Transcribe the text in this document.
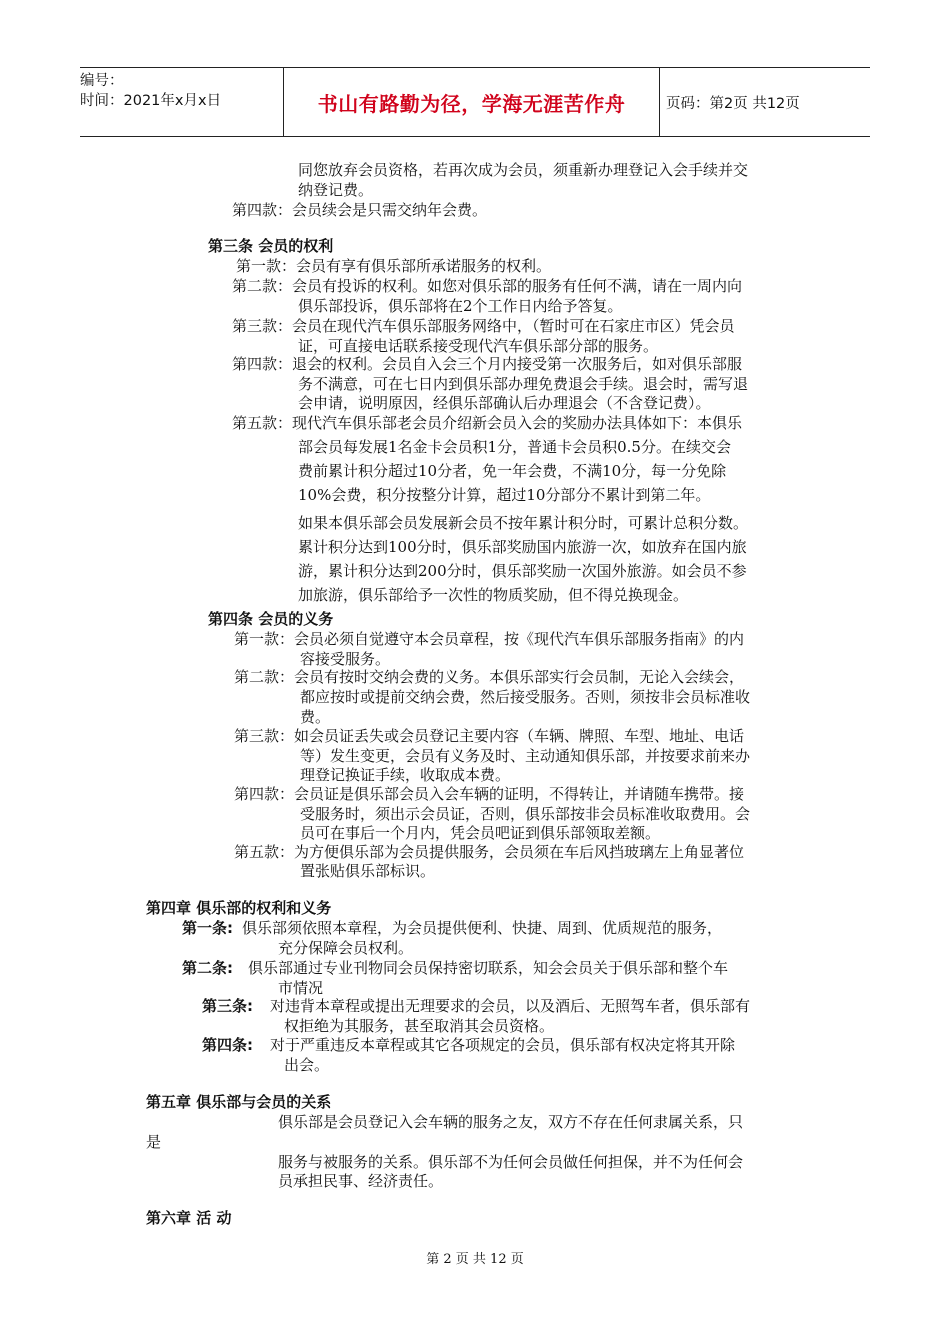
编号：
时间：2021年x月x日	书山有路勤为径，学海无涯苦作舟	页码：第2页 共12页
同您放弃会员资格，若再次成为会员，须重新办理登记入会手续并交
纳登记费。
第四款：会员续会是只需交纳年会费。
第三条 会员的权利
第一款：会员有享有俱乐部所承诺服务的权利。
第二款：会员有投诉的权利。如您对俱乐部的服务有任何不满，请在一周内向
俱乐部投诉，俱乐部将在2个工作日内给予答复。
第三款：会员在现代汽车俱乐部服务网络中，（暂时可在石家庄市区）凭会员
证，可直接电话联系接受现代汽车俱乐部分部的服务。
第四款：退会的权利。会员自入会三个月内接受第一次服务后，如对俱乐部服
务不满意，可在七日内到俱乐部办理免费退会手续。退会时，需写退
会申请，说明原因，经俱乐部确认后办理退会（不含登记费）。
第五款：现代汽车俱乐部老会员介绍新会员入会的奖励办法具体如下：本俱乐
部会员每发展1名金卡会员积1分，普通卡会员积0.5分。在续交会
费前累计积分超过10分者，免一年会费，不满10分，每一分免除
10%会费，积分按整分计算，超过10分部分不累计到第二年。
如果本俱乐部会员发展新会员不按年累计积分时，可累计总积分数。
累计积分达到100分时，俱乐部奖励国内旅游一次，如放弃在国内旅
游，累计积分达到200分时，俱乐部奖励一次国外旅游。如会员不参
加旅游，俱乐部给予一次性的物质奖励，但不得兑换现金。
第四条 会员的义务
第一款：会员必须自觉遵守本会员章程，按《现代汽车俱乐部服务指南》的内
容接受服务。
第二款：会员有按时交纳会费的义务。本俱乐部实行会员制，无论入会续会，
都应按时或提前交纳会费，然后接受服务。否则，须按非会员标准收
费。
第三款：如会员证丢失或会员登记主要内容（车辆、牌照、车型、地址、电话
等）发生变更，会员有义务及时、主动通知俱乐部，并按要求前来办
理登记换证手续，收取成本费。
第四款：会员证是俱乐部会员入会车辆的证明，不得转让，并请随车携带。接
受服务时，须出示会员证，否则，俱乐部按非会员标准收取费用。会
员可在事后一个月内，凭会员吧证到俱乐部领取差额。
第五款：为方便俱乐部为会员提供服务，会员须在车后风挡玻璃左上角显著位
置张贴俱乐部标识。
第四章 俱乐部的权利和义务
第一条: 俱乐部须依照本章程，为会员提供便利、快捷、周到、优质规范的服务，
充分保障会员权利。
第二条: 俱乐部通过专业刊物同会员保持密切联系，知会会员关于俱乐部和整个车
市情况
第三条: 对违背本章程或提出无理要求的会员，以及酒后、无照驾车者，俱乐部有
权拒绝为其服务，甚至取消其会员资格。
第四条: 对于严重违反本章程或其它各项规定的会员，俱乐部有权决定将其开除
出会。
第五章 俱乐部与会员的关系
俱乐部是会员登记入会车辆的服务之友，双方不存在任何隶属关系，只
是
服务与被服务的关系。俱乐部不为任何会员做任何担保，并不为任何会
员承担民事、经济责任。
第六章 活 动
第 2 页 共 12 页
